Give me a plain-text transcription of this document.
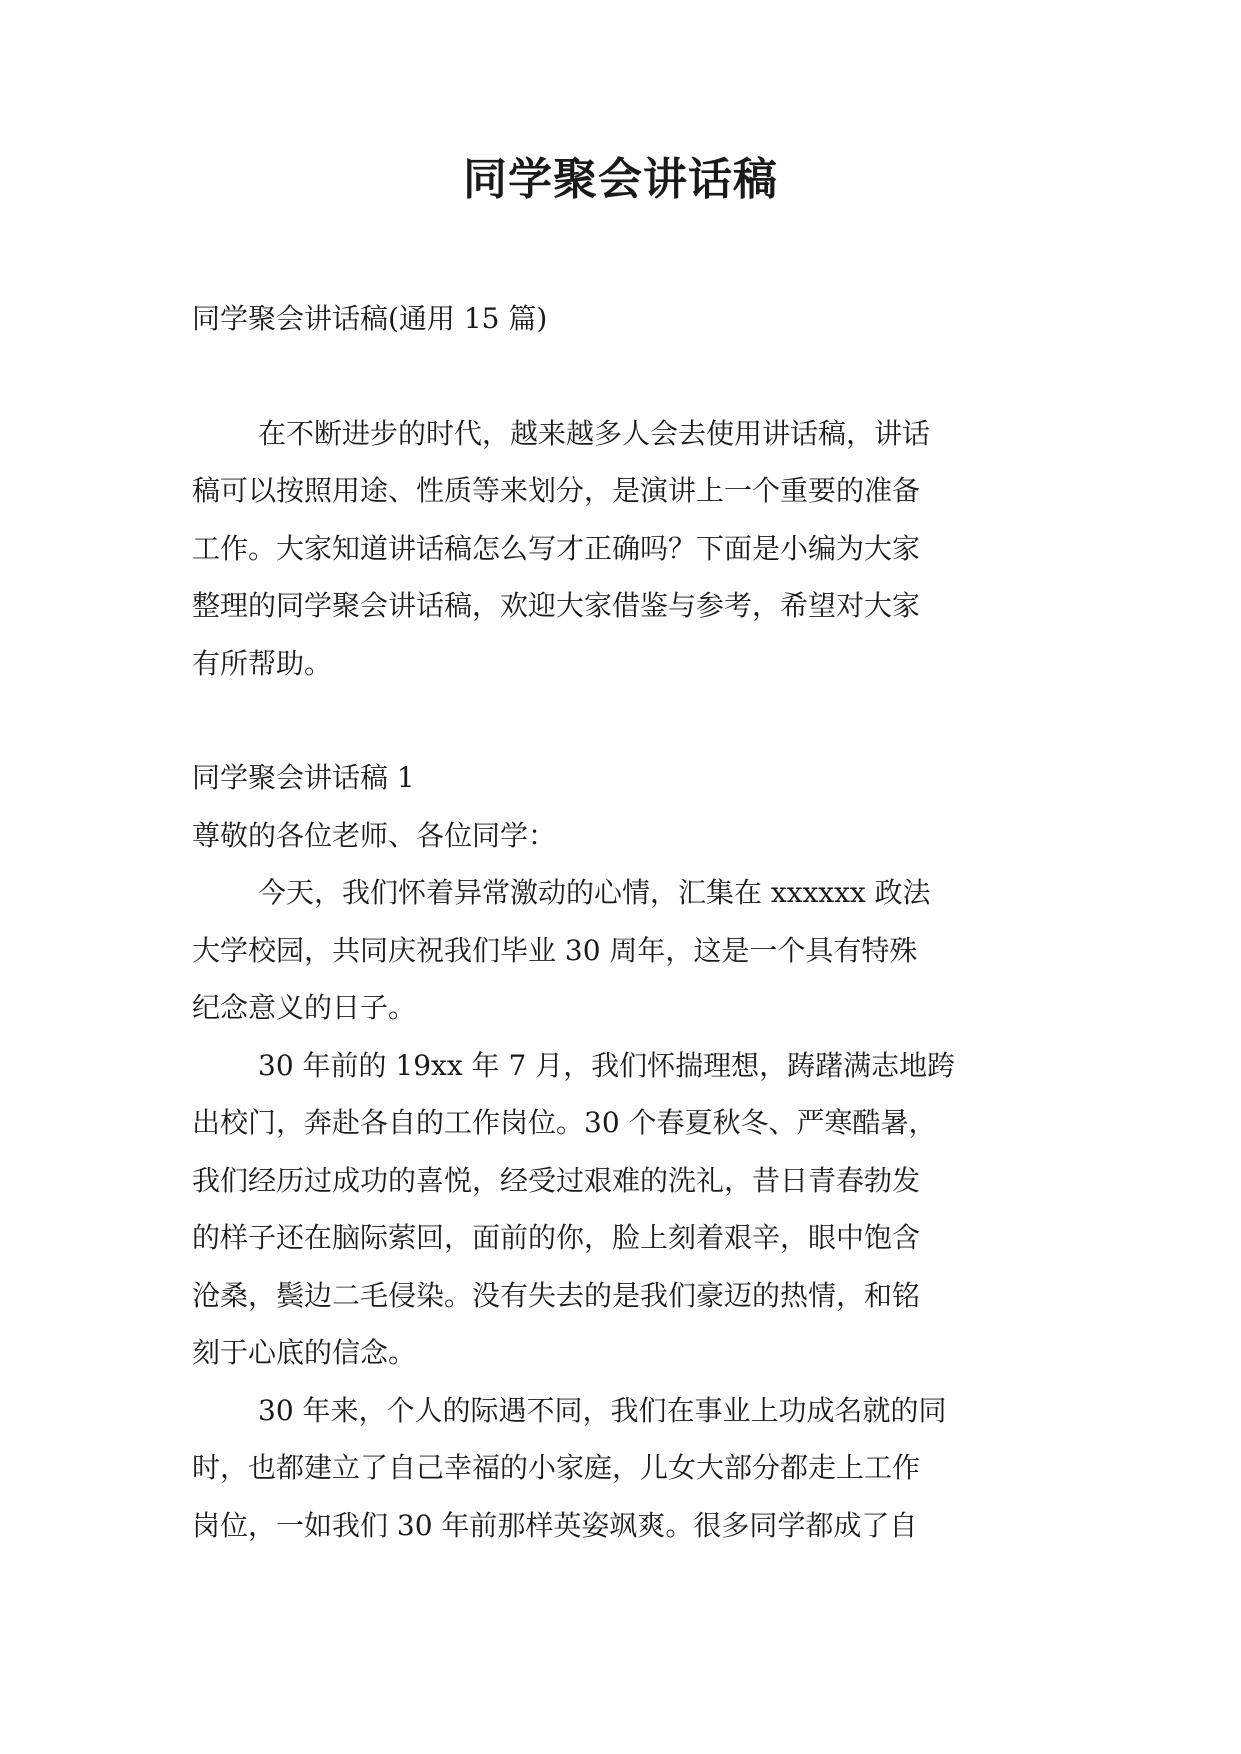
同学聚会讲话稿
同学聚会讲话稿(通用 15 篇)
在不断进步的时代，越来越多人会去使用讲话稿，讲话
稿可以按照用途、性质等来划分，是演讲上一个重要的准备
工作。大家知道讲话稿怎么写才正确吗？下面是小编为大家
整理的同学聚会讲话稿，欢迎大家借鉴与参考，希望对大家
有所帮助。
同学聚会讲话稿 1
尊敬的各位老师、各位同学：
今天，我们怀着异常激动的心情，汇集在 xxxxxx 政法
大学校园，共同庆祝我们毕业 30 周年，这是一个具有特殊
纪念意义的日子。
30 年前的 19xx 年 7 月，我们怀揣理想，踌躇满志地跨
出校门，奔赴各自的工作岗位。30 个春夏秋冬、严寒酷暑，
我们经历过成功的喜悦，经受过艰难的洗礼，昔日青春勃发
的样子还在脑际萦回，面前的你，脸上刻着艰辛，眼中饱含
沧桑，鬓边二毛侵染。没有失去的是我们豪迈的热情，和铭
刻于心底的信念。
30 年来，个人的际遇不同，我们在事业上功成名就的同
时，也都建立了自己幸福的小家庭，儿女大部分都走上工作
岗位，一如我们 30 年前那样英姿飒爽。很多同学都成了自
